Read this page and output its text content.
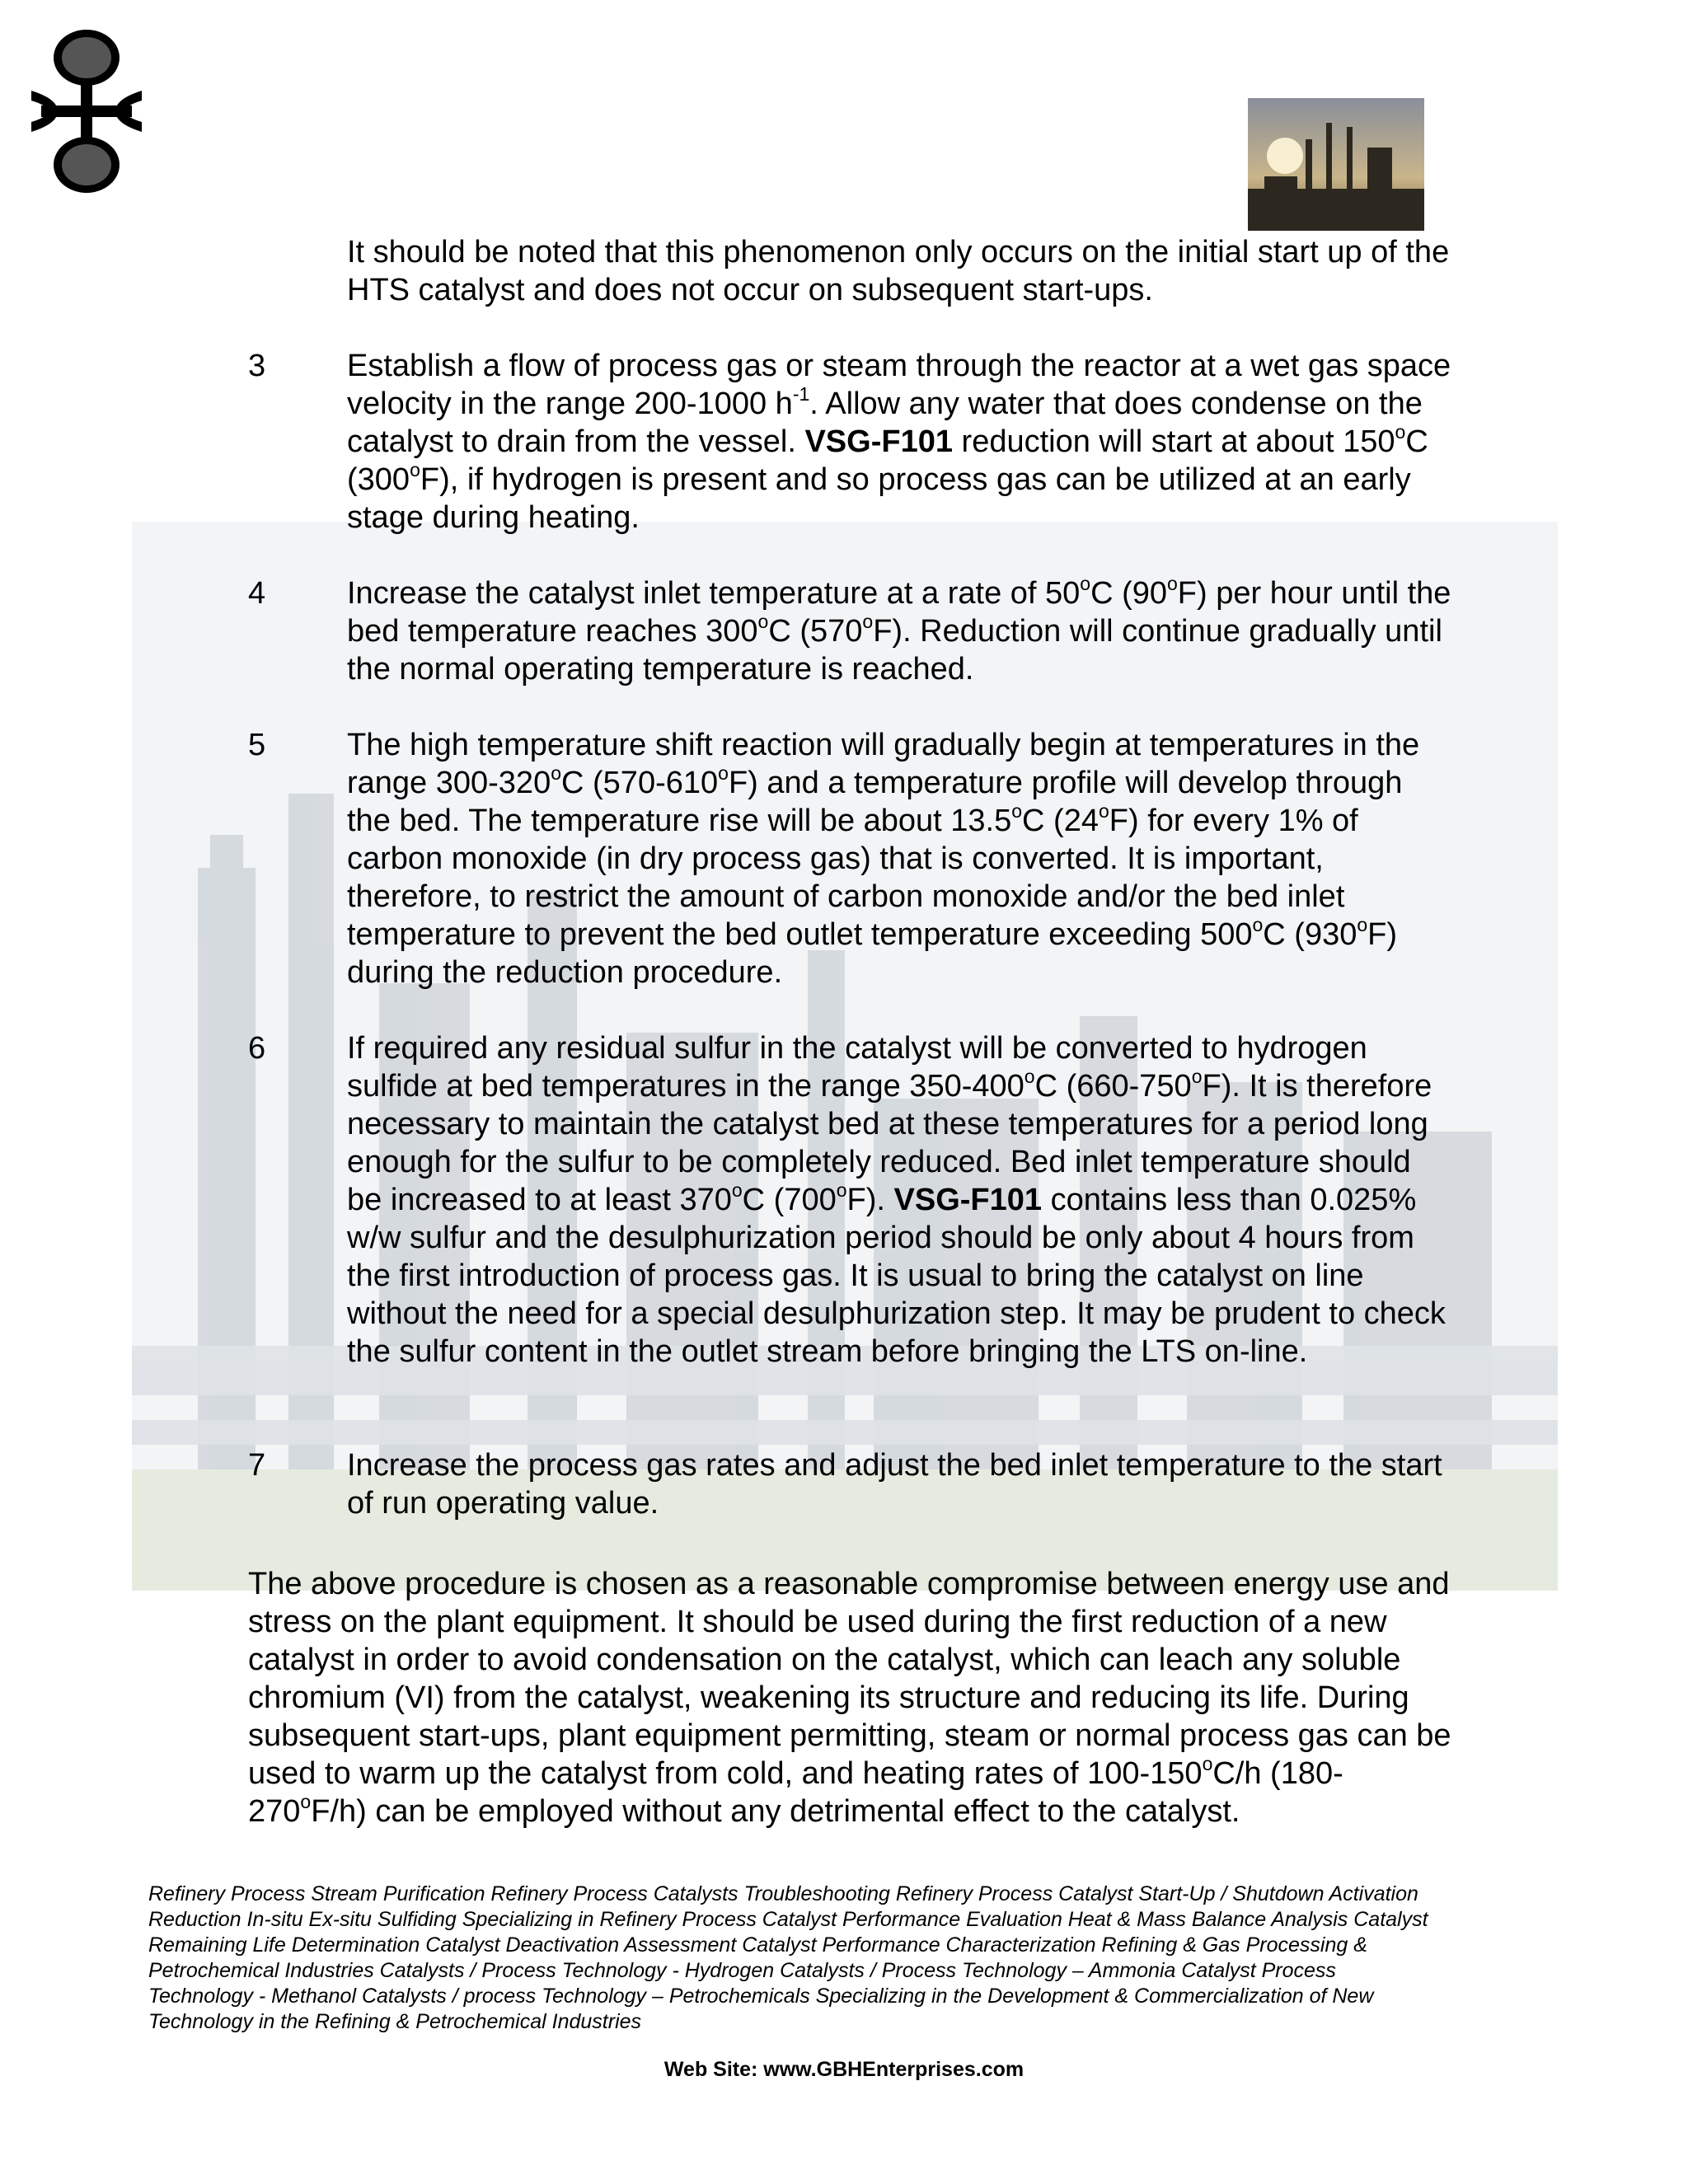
It should be noted that this phenomenon only occurs on the initial start up of the HTS catalyst and does not occur on subsequent start-ups.
3	Establish a flow of process gas or steam through the reactor at a wet gas space velocity in the range 200-1000 $h^{-1}$. Allow any water that does condense on the catalyst to drain from the vessel. VSG-F101 reduction will start at about 150$^o$C (300$^o$F), if hydrogen is present and so process gas can be utilized at an early stage during heating.
4	Increase the catalyst inlet temperature at a rate of 50$^o$C (90$^o$F) per hour until the bed temperature reaches 300$^o$C (570$^o$F). Reduction will continue gradually until the normal operating temperature is reached.
5	The high temperature shift reaction will gradually begin at temperatures in the range 300-320$^o$C (570-610$^o$F) and a temperature profile will develop through the bed. The temperature rise will be about 13.5$^o$C (24$^o$F) for every 1% of carbon monoxide (in dry process gas) that is converted. It is important, therefore, to restrict the amount of carbon monoxide and/or the bed inlet temperature to prevent the bed outlet temperature exceeding 500$^o$C (930$^o$F) during the reduction procedure.
6	If required any residual sulfur in the catalyst will be converted to hydrogen sulfide at bed temperatures in the range 350-400$^o$C (660-750$^o$F). It is therefore necessary to maintain the catalyst bed at these temperatures for a period long enough for the sulfur to be completely reduced. Bed inlet temperature should be increased to at least 370$^o$C (700$^o$F). VSG-F101 contains less than 0.025% w/w sulfur and the desulphurization period should be only about 4 hours from the first introduction of process gas. It is usual to bring the catalyst on line without the need for a special desulphurization step. It may be prudent to check the sulfur content in the outlet stream before bringing the LTS on-line.
7	Increase the process gas rates and adjust the bed inlet temperature to the start of run operating value.
The above procedure is chosen as a reasonable compromise between energy use and stress on the plant equipment. It should be used during the first reduction of a new catalyst in order to avoid condensation on the catalyst, which can leach any soluble chromium (VI) from the catalyst, weakening its structure and reducing its life. During subsequent start-ups, plant equipment permitting, steam or normal process gas can be used to warm up the catalyst from cold, and heating rates of 100-150$^o$C/h (180-270$^o$F/h) can be employed without any detrimental effect to the catalyst.
Refinery Process Stream Purification Refinery Process Catalysts Troubleshooting Refinery Process Catalyst Start-Up / Shutdown Activation Reduction In-situ Ex-situ Sulfiding Specializing in Refinery Process Catalyst Performance Evaluation Heat & Mass Balance Analysis Catalyst Remaining Life Determination Catalyst Deactivation Assessment Catalyst Performance Characterization Refining & Gas Processing & Petrochemical Industries Catalysts / Process Technology - Hydrogen Catalysts / Process Technology – Ammonia Catalyst Process Technology - Methanol Catalysts / process Technology – Petrochemicals Specializing in the Development & Commercialization of New Technology in the Refining & Petrochemical Industries
Web Site: www.GBHEnterprises.com
